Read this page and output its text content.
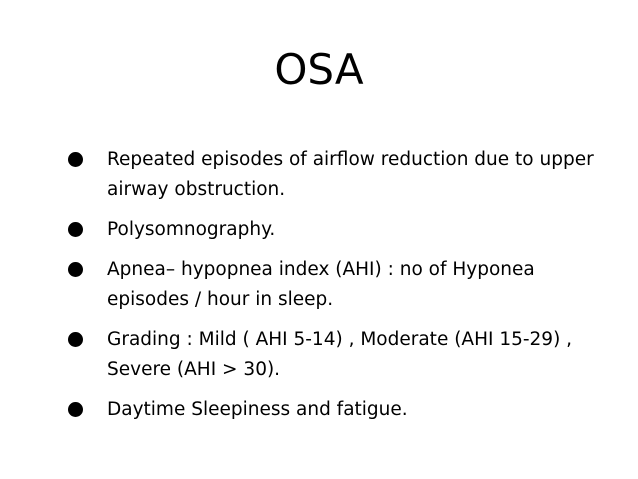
OSA
Repeated episodes of airflow reduction due to upper airway obstruction.
Polysomnography.
Apnea– hypopnea index (AHI) : no of Hyponea episodes / hour in sleep.
Grading : Mild ( AHI 5-14) , Moderate (AHI 15-29) , Severe (AHI > 30).
Daytime Sleepiness and fatigue.
